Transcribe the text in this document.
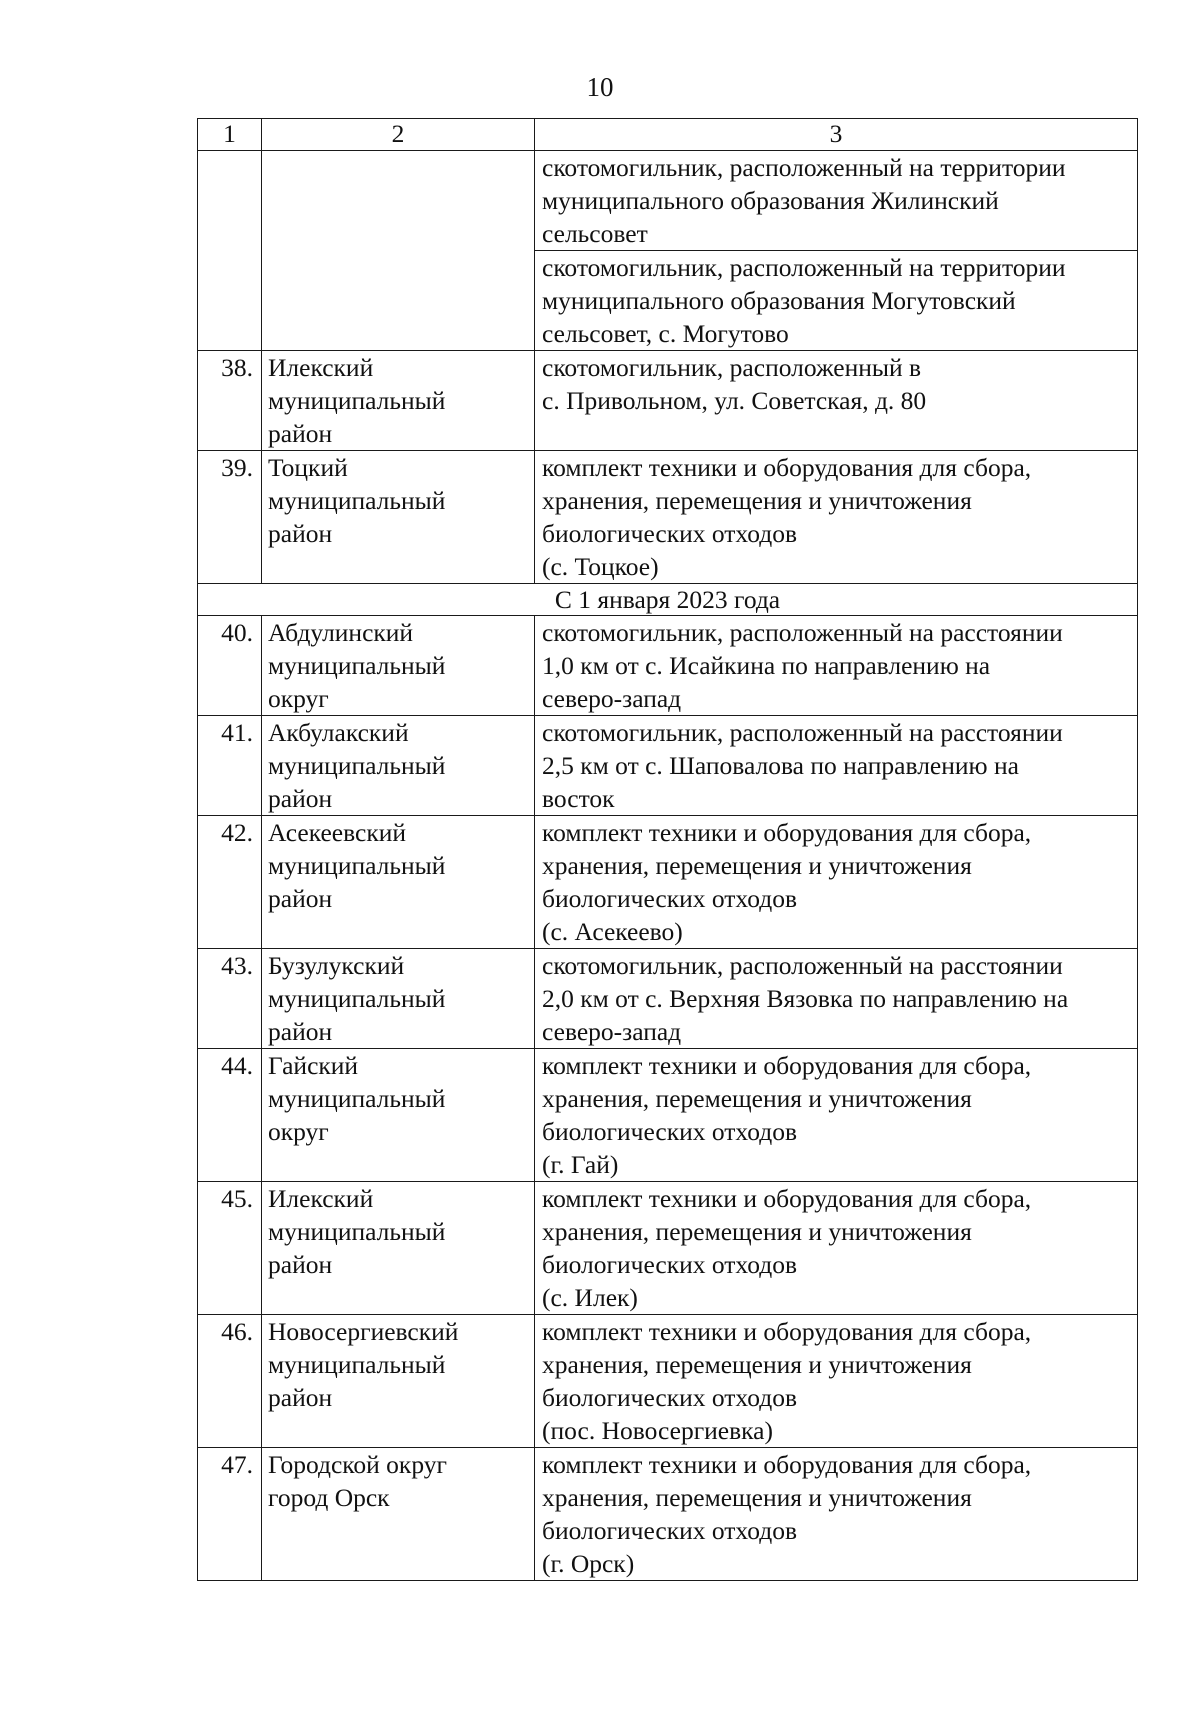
10
1	2	3
		скотомогильник, расположенный на территории
муниципального образования Жилинский
сельсовет
		скотомогильник, расположенный на территории
муниципального образования Могутовский
сельсовет, с. Могутово
38.	Илекский
муниципальный
район	скотомогильник, расположенный в
с. Привольном, ул. Советская, д. 80
39.	Тоцкий
муниципальный
район	комплект техники и оборудования для сбора,
хранения, перемещения и уничтожения
биологических отходов
(с. Тоцкое)
С 1 января 2023 года		
40.	Абдулинский
муниципальный
округ	скотомогильник, расположенный на расстоянии
1,0 км от с. Исайкина по направлению на
северо-запад
41.	Акбулакский
муниципальный
район	скотомогильник, расположенный на расстоянии
2,5 км от с. Шаповалова по направлению на
восток
42.	Асекеевский
муниципальный
район	комплект техники и оборудования для сбора,
хранения, перемещения и уничтожения
биологических отходов
(с. Асекеево)
43.	Бузулукский
муниципальный
район	скотомогильник, расположенный на расстоянии
2,0 км от с. Верхняя Вязовка по направлению на
северо-запад
44.	Гайский
муниципальный
округ	комплект техники и оборудования для сбора,
хранения, перемещения и уничтожения
биологических отходов
(г. Гай)
45.	Илекский
муниципальный
район	комплект техники и оборудования для сбора,
хранения, перемещения и уничтожения
биологических отходов
(с. Илек)
46.	Новосергиевский
муниципальный
район	комплект техники и оборудования для сбора,
хранения, перемещения и уничтожения
биологических отходов
(пос. Новосергиевка)
47.	Городской округ
город Орск	комплект техники и оборудования для сбора,
хранения, перемещения и уничтожения
биологических отходов
(г. Орск)
